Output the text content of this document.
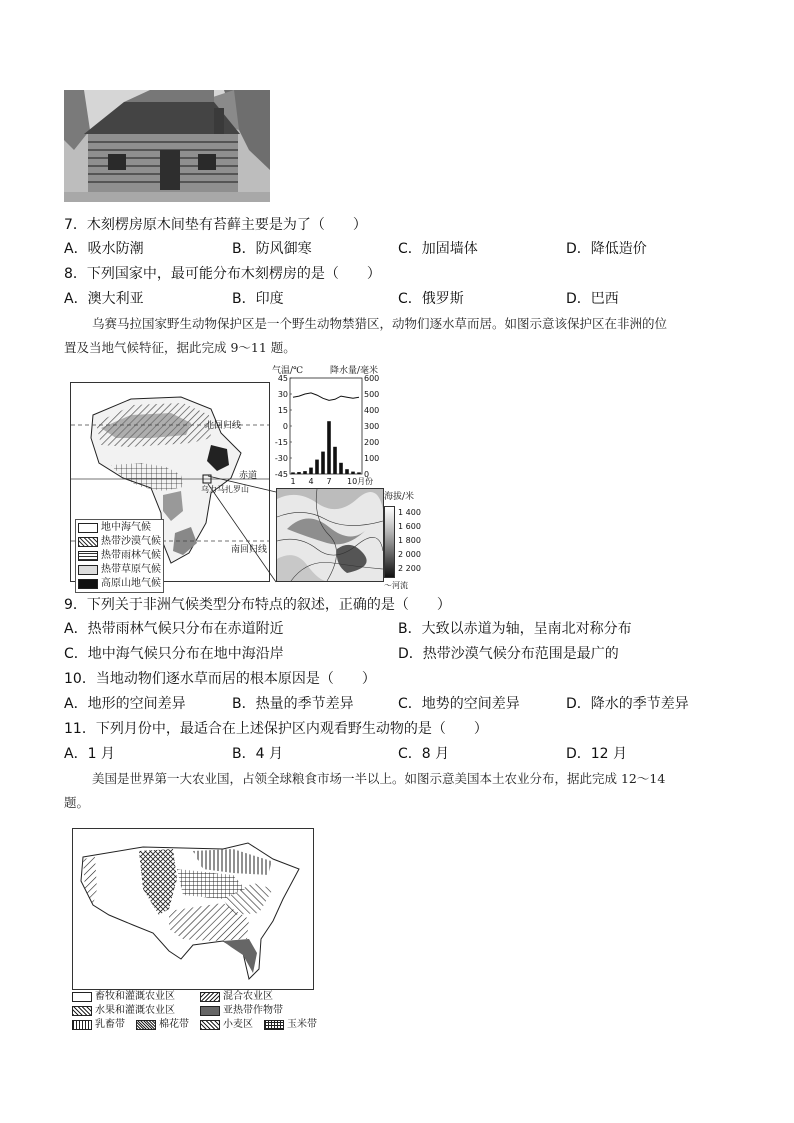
7．木刻楞房原木间垫有苔藓主要是为了（　　）
A．吸水防潮	B．防风御寒	C．加固墙体	D．降低造价
8．下列国家中，最可能分布木刻楞房的是（　　）
A．澳大利亚	B．印度	C．俄罗斯	D．巴西
乌赛马拉国家野生动物保护区是一个野生动物禁猎区，动物们逐水草而居。如图示意该保护区在非洲的位
置及当地气候特征，据此完成 9～11 题。
北回归线
赤道
南回归线
乌力马扎罗山
地中海气候
热带沙漠气候
热带雨林气候
热带草原气候
高原山地气候
气温/℃	降水量/毫米
45
30
15
0
-15
-30
-45
600
500
400
300
200
100
0
1 4 7 10月份
海拔/米
1 400
1 600
1 800
2 000
2 200
〜河流
9．下列关于非洲气候类型分布特点的叙述，正确的是（　　）
A．热带雨林气候只分布在赤道附近	B．大致以赤道为轴，呈南北对称分布
C．地中海气候只分布在地中海沿岸	D．热带沙漠气候分布范围是最广的
10．当地动物们逐水草而居的根本原因是（　　）
A．地形的空间差异	B．热量的季节差异	C．地势的空间差异	D．降水的季节差异
11．下列月份中，最适合在上述保护区内观看野生动物的是（　　）
A．1 月	B．4 月	C．8 月	D．12 月
美国是世界第一大农业国，占领全球粮食市场一半以上。如图示意美国本土农业分布，据此完成 12～14
题。
畜牧和灌溉农业区	混合农业区
水果和灌溉农业区	亚热带作物带
乳畜带	棉花带	小麦区	玉米带
